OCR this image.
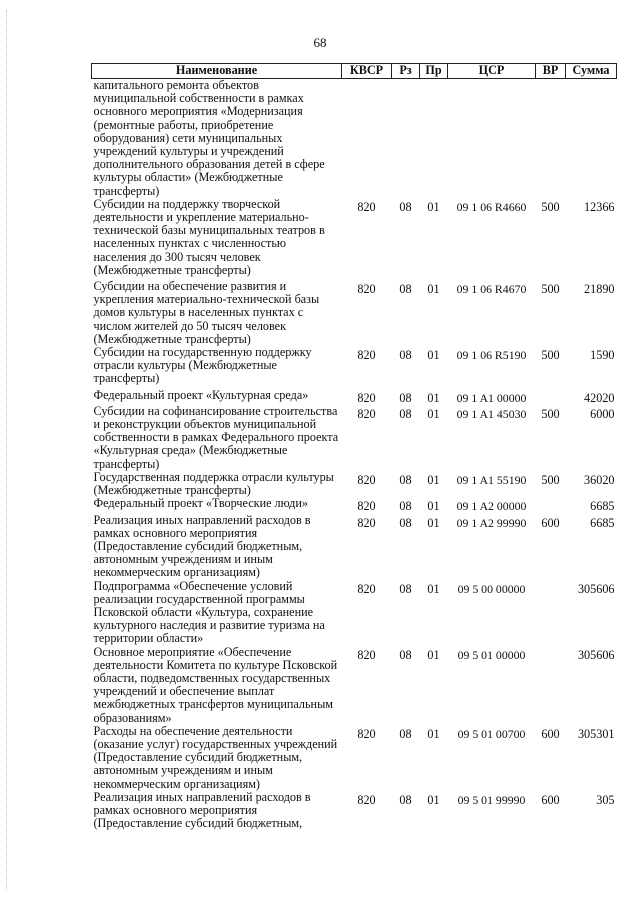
68
Наименование	КВСР	Рз	Пр	ЦСР	ВР	Сумма
капитального ремонта объектов муниципальной собственности в рамках основного мероприятия «Модернизация (ремонтные работы, приобретение оборудования) сети муниципальных учреждений культуры и учреждений дополнительного образования детей в сфере культуры области» (Межбюджетные трансферты)						
Субсидии на поддержку творческой деятельности и укрепление материально-технической базы муниципальных театров в населенных пунктах с численностью населения до 300 тысяч человек (Межбюджетные трансферты)	820	08	01	09 1 06 R4660	500	12366
Субсидии на обеспечение развития и укрепления материально-технической базы домов культуры в населенных пунктах с числом жителей до 50 тысяч человек (Межбюджетные трансферты)	820	08	01	09 1 06 R4670	500	21890
Субсидии на государственную поддержку отрасли культуры (Межбюджетные трансферты)	820	08	01	09 1 06 R5190	500	1590
Федеральный проект «Культурная среда»	820	08	01	09 1 A1 00000		42020
Субсидии на софинансирование строительства и реконструкции объектов муниципальной собственности в рамках Федерального проекта «Культурная среда» (Межбюджетные трансферты)	820	08	01	09 1 A1 45030	500	6000
Государственная поддержка отрасли культуры (Межбюджетные трансферты)	820	08	01	09 1 A1 55190	500	36020
Федеральный проект «Творческие люди»	820	08	01	09 1 A2 00000		6685
Реализация иных направлений расходов в рамках основного мероприятия (Предоставление субсидий бюджетным, автономным учреждениям и иным некоммерческим организациям)	820	08	01	09 1 A2 99990	600	6685
Подпрограмма «Обеспечение условий реализации государственной программы Псковской области «Культура, сохранение культурного наследия и развитие туризма на территории области»	820	08	01	09 5 00 00000		305606
Основное мероприятие «Обеспечение деятельности Комитета по культуре Псковской области, подведомственных государственных учреждений и обеспечение выплат межбюджетных трансфертов муниципальным образованиям»	820	08	01	09 5 01 00000		305606
Расходы на обеспечение деятельности (оказание услуг) государственных учреждений (Предоставление субсидий бюджетным, автономным учреждениям и иным некоммерческим организациям)	820	08	01	09 5 01 00700	600	305301
Реализация иных направлений расходов в рамках основного мероприятия (Предоставление субсидий бюджетным,	820	08	01	09 5 01 99990	600	305
